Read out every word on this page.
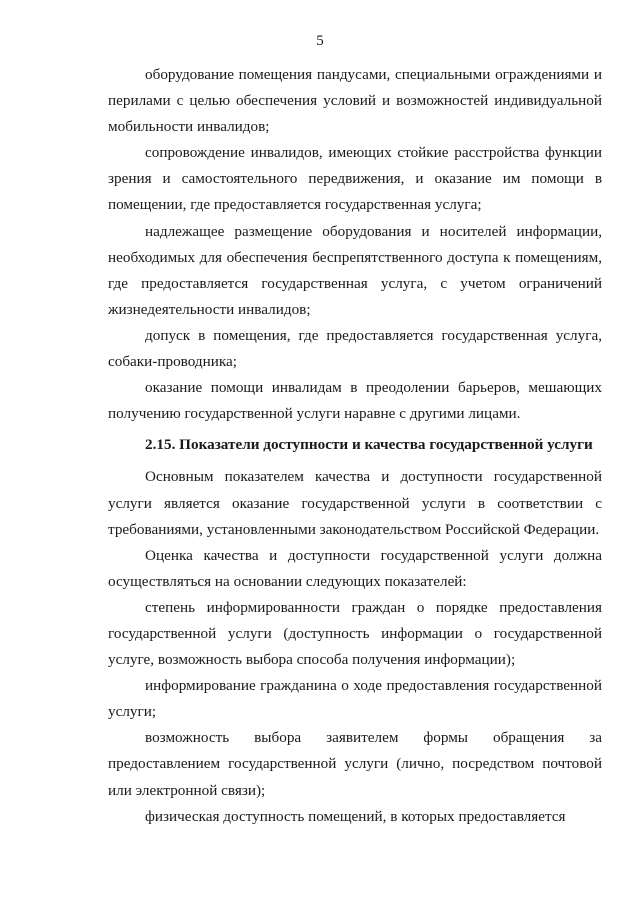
5

оборудование помещения пандусами, специальными ограждениями и перилами с целью обеспечения условий и возможностей индивидуальной мобильности инвалидов;

сопровождение инвалидов, имеющих стойкие расстройства функции зрения и самостоятельного передвижения, и оказание им помощи в помещении, где предоставляется государственная услуга;

надлежащее размещение оборудования и носителей информации, необходимых для обеспечения беспрепятственного доступа к помещениям, где предоставляется государственная услуга, с учетом ограничений жизнедеятельности инвалидов;

допуск в помещения, где предоставляется государственная услуга, собаки-проводника;

оказание помощи инвалидам в преодолении барьеров, мешающих получению государственной услуги наравне с другими лицами.

2.15. Показатели доступности и качества государственной услуги

Основным показателем качества и доступности государственной услуги является оказание государственной услуги в соответствии с требованиями, установленными законодательством Российской Федерации.

Оценка качества и доступности государственной услуги должна осуществляться на основании следующих показателей:

степень информированности граждан о порядке предоставления государственной услуги (доступность информации о государственной услуге, возможность выбора способа получения информации);

информирование гражданина о ходе предоставления государственной услуги;

возможность выбора заявителем формы обращения за предоставлением государственной услуги (лично, посредством почтовой или электронной связи);

физическая доступность помещений, в которых предоставляется
